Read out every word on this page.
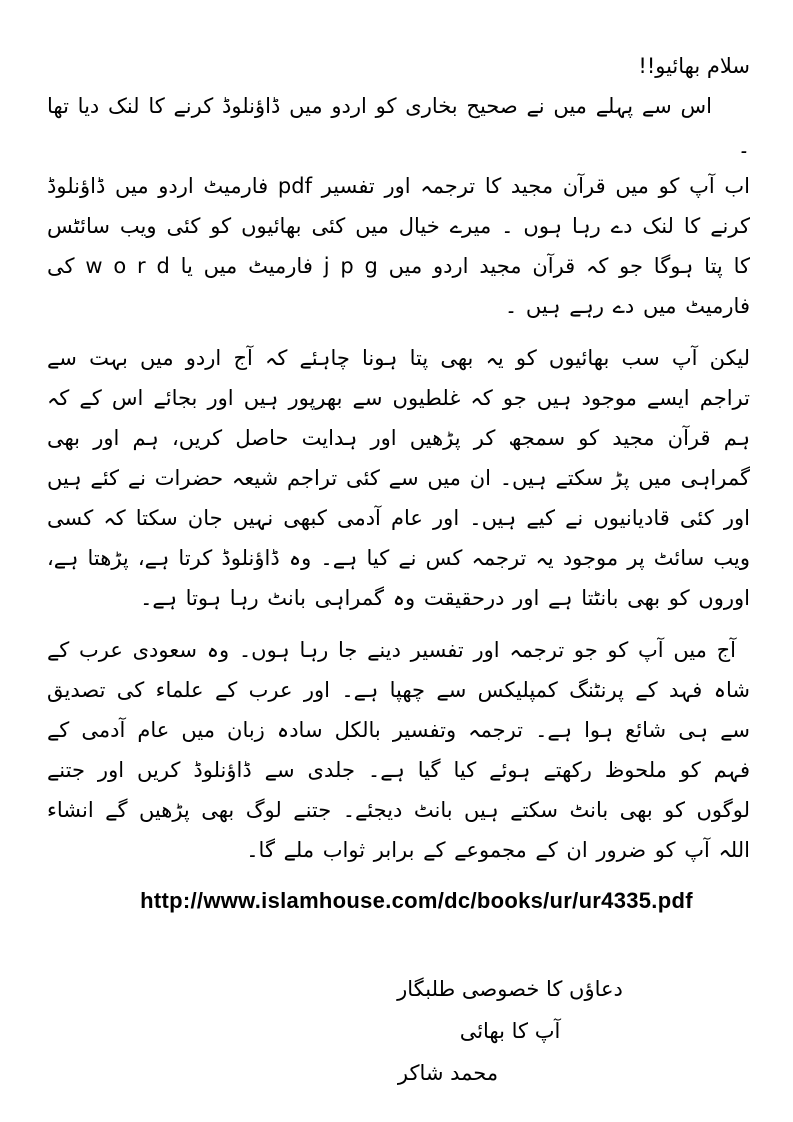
سلام بھائیو!!

اس سے پہلے میں نے صحیح بخاری کو اردو میں ڈاؤنلوڈ کرنے کا لنک دیا تھا ۔

اب آپ کو میں قرآن مجید کا ترجمہ اور تفسیر pdf فارمیٹ اردو میں ڈاؤنلوڈ کرنے کا لنک دے رہا ہوں ۔ میرے خیال میں کئی بھائیوں کو کئی ویب سائٹس کا پتا ہوگا جو کہ قرآن مجید اردو میں j p g فارمیٹ میں یا w o r d کی فارمیٹ میں دے رہے ہیں ۔

لیکن آپ سب بھائیوں کو یہ بھی پتا ہونا چاہئے کہ آج اردو میں بہت سے تراجم ایسے موجود ہیں جو کہ غلطیوں سے بھرپور ہیں اور بجائے اس کے کہ ہم قرآن مجید کو سمجھ کر پڑھیں اور ہدایت حاصل کریں، ہم اور بھی گمراہی میں پڑ سکتے ہیں۔ ان میں سے کئی تراجم شیعہ حضرات نے کئے ہیں اور کئی قادیانیوں نے کیے ہیں۔ اور عام آدمی کبھی نہیں جان سکتا کہ کسی ویب سائٹ پر موجود یہ ترجمہ کس نے کیا ہے۔ وہ ڈاؤنلوڈ کرتا ہے، پڑھتا ہے، اوروں کو بھی بانٹتا ہے اور درحقیقت وہ گمراہی بانٹ رہا ہوتا ہے۔

آج میں آپ کو جو ترجمہ اور تفسیر دینے جا رہا ہوں۔ وہ سعودی عرب کے شاہ فہد کے پرنٹنگ کمپلیکس سے چھپا ہے۔ اور عرب کے علماء کی تصدیق سے ہی شائع ہوا ہے۔ ترجمہ وتفسیر بالکل سادہ زبان میں عام آدمی کے فہم کو ملحوظ رکھتے ہوئے کیا گیا ہے۔ جلدی سے ڈاؤنلوڈ کریں اور جتنے لوگوں کو بھی بانٹ سکتے ہیں بانٹ دیجئے۔ جتنے لوگ بھی پڑھیں گے انشاء اللہ آپ کو ضرور ان کے مجموعے کے برابر ثواب ملے گا۔

http://www.islamhouse.com/dc/books/ur/ur4335.pdf

دعاؤں کا خصوصی طلبگار

آپ کا بھائی

محمد شاکر
